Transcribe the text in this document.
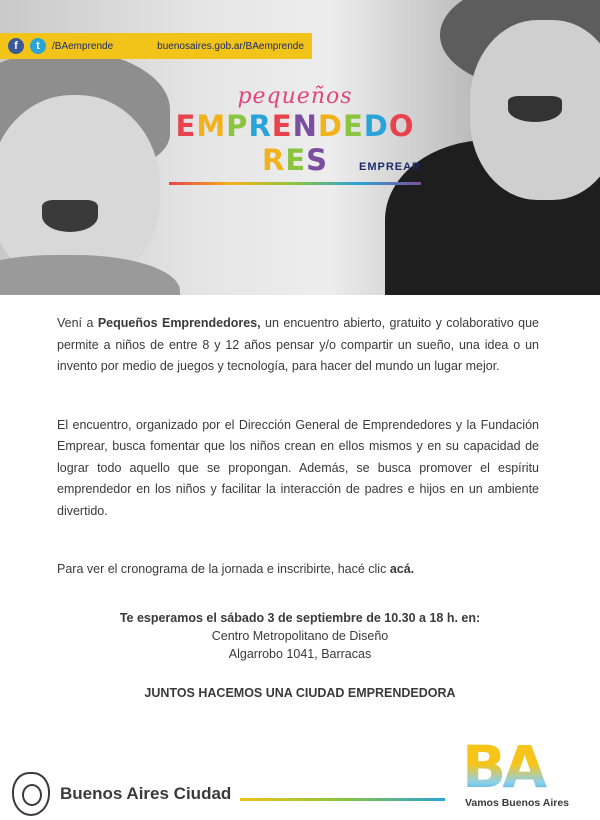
f	t	/BAemprende	buenosaires.gob.ar/BAemprende
pequeños
EMPRENDEDORES	EMPREAR

Vení a Pequeños Emprendedores, un encuentro abierto, gratuito y colaborativo que permite a niños de entre 8 y 12 años pensar y/o compartir un sueño, una idea o un invento por medio de juegos y tecnología, para hacer del mundo un lugar mejor.

El encuentro, organizado por el Dirección General de Emprendedores y la Fundación Emprear, busca fomentar que los niños crean en ellos mismos y en su capacidad de lograr todo aquello que se propongan. Además, se busca promover el espíritu emprendedor en los niños y facilitar la interacción de padres e hijos en un ambiente divertido.

Para ver el cronograma de la jornada e inscribirte, hacé clic acá.

Te esperamos el sábado 3 de septiembre de 10.30 a 18 h. en:
Centro Metropolitano de Diseño
Algarrobo 1041, Barracas
JUNTOS HACEMOS UNA CIUDAD EMPRENDEDORA
Buenos Aires Ciudad	BA
Vamos Buenos Aires
